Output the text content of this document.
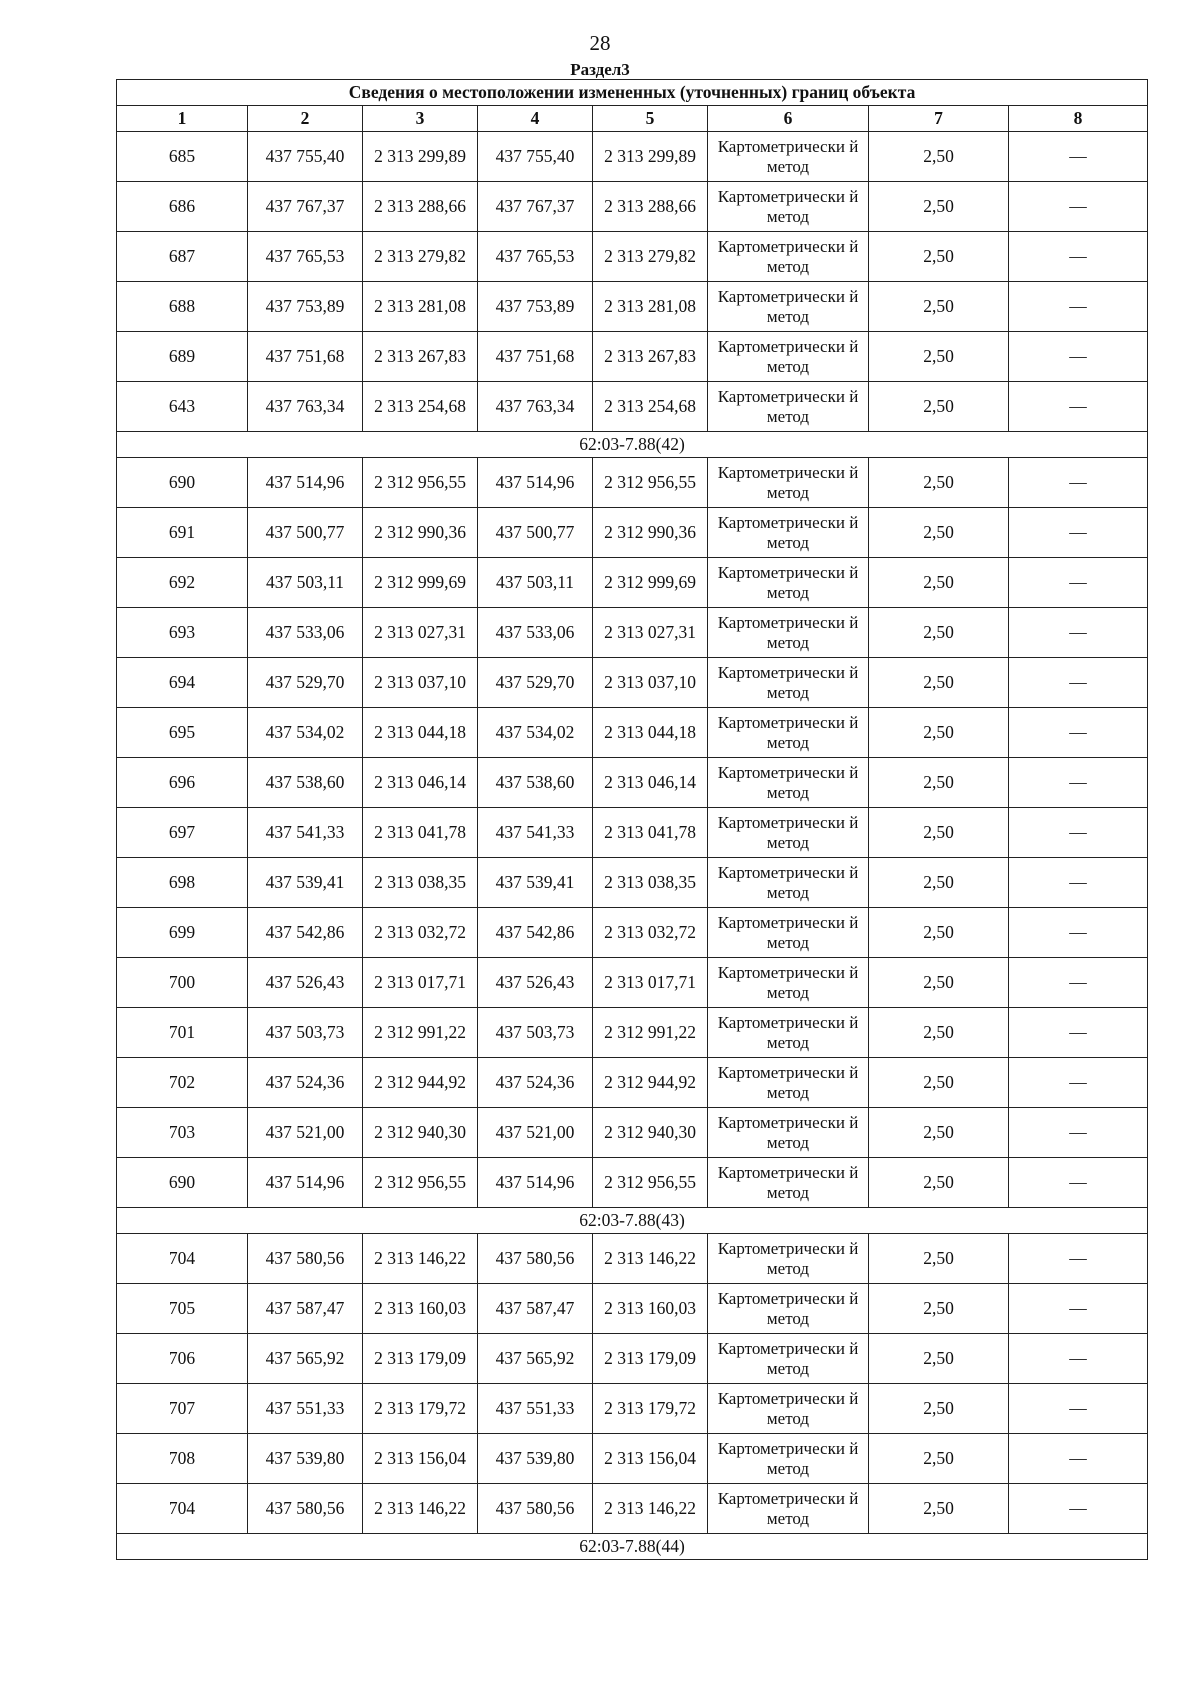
28
Раздел3
Сведения о местоположении измененных (уточненных) границ объекта							
1	2	3	4	5	6	7	8
685	437 755,40	2 313 299,89	437 755,40	2 313 299,89	Картометрически й метод	2,50	—
686	437 767,37	2 313 288,66	437 767,37	2 313 288,66	Картометрически й метод	2,50	—
687	437 765,53	2 313 279,82	437 765,53	2 313 279,82	Картометрически й метод	2,50	—
688	437 753,89	2 313 281,08	437 753,89	2 313 281,08	Картометрически й метод	2,50	—
689	437 751,68	2 313 267,83	437 751,68	2 313 267,83	Картометрически й метод	2,50	—
643	437 763,34	2 313 254,68	437 763,34	2 313 254,68	Картометрически й метод	2,50	—
62:03-7.88(42)							
690	437 514,96	2 312 956,55	437 514,96	2 312 956,55	Картометрически й метод	2,50	—
691	437 500,77	2 312 990,36	437 500,77	2 312 990,36	Картометрически й метод	2,50	—
692	437 503,11	2 312 999,69	437 503,11	2 312 999,69	Картометрически й метод	2,50	—
693	437 533,06	2 313 027,31	437 533,06	2 313 027,31	Картометрически й метод	2,50	—
694	437 529,70	2 313 037,10	437 529,70	2 313 037,10	Картометрически й метод	2,50	—
695	437 534,02	2 313 044,18	437 534,02	2 313 044,18	Картометрически й метод	2,50	—
696	437 538,60	2 313 046,14	437 538,60	2 313 046,14	Картометрически й метод	2,50	—
697	437 541,33	2 313 041,78	437 541,33	2 313 041,78	Картометрически й метод	2,50	—
698	437 539,41	2 313 038,35	437 539,41	2 313 038,35	Картометрически й метод	2,50	—
699	437 542,86	2 313 032,72	437 542,86	2 313 032,72	Картометрически й метод	2,50	—
700	437 526,43	2 313 017,71	437 526,43	2 313 017,71	Картометрически й метод	2,50	—
701	437 503,73	2 312 991,22	437 503,73	2 312 991,22	Картометрически й метод	2,50	—
702	437 524,36	2 312 944,92	437 524,36	2 312 944,92	Картометрически й метод	2,50	—
703	437 521,00	2 312 940,30	437 521,00	2 312 940,30	Картометрически й метод	2,50	—
690	437 514,96	2 312 956,55	437 514,96	2 312 956,55	Картометрически й метод	2,50	—
62:03-7.88(43)							
704	437 580,56	2 313 146,22	437 580,56	2 313 146,22	Картометрически й метод	2,50	—
705	437 587,47	2 313 160,03	437 587,47	2 313 160,03	Картометрически й метод	2,50	—
706	437 565,92	2 313 179,09	437 565,92	2 313 179,09	Картометрически й метод	2,50	—
707	437 551,33	2 313 179,72	437 551,33	2 313 179,72	Картометрически й метод	2,50	—
708	437 539,80	2 313 156,04	437 539,80	2 313 156,04	Картометрически й метод	2,50	—
704	437 580,56	2 313 146,22	437 580,56	2 313 146,22	Картометрически й метод	2,50	—
62:03-7.88(44)							
